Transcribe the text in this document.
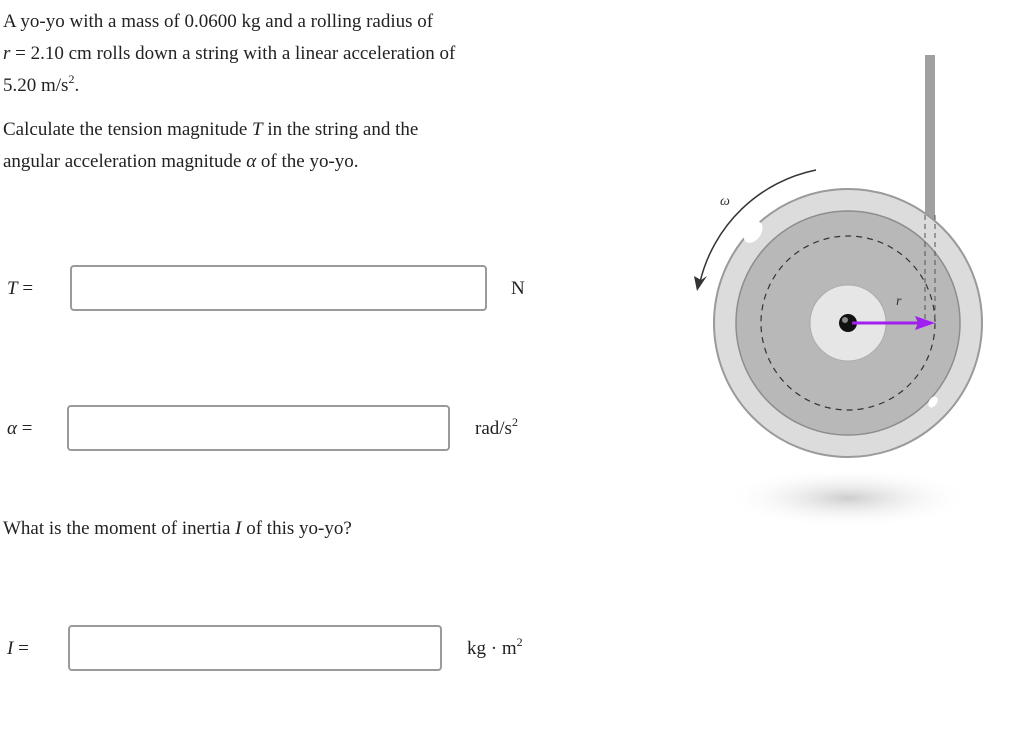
A yo-yo with a mass of 0.0600 kg and a rolling radius of
r = 2.10 cm rolls down a string with a linear acceleration of
5.20 $m/s^2$.

Calculate the tension magnitude T in the string and the
angular acceleration magnitude α of the yo-yo.

T =	N
α =	rad/$s^2$
What is the moment of inertia I of this yo-yo?
I =	kg · $m^2$
r
ω
